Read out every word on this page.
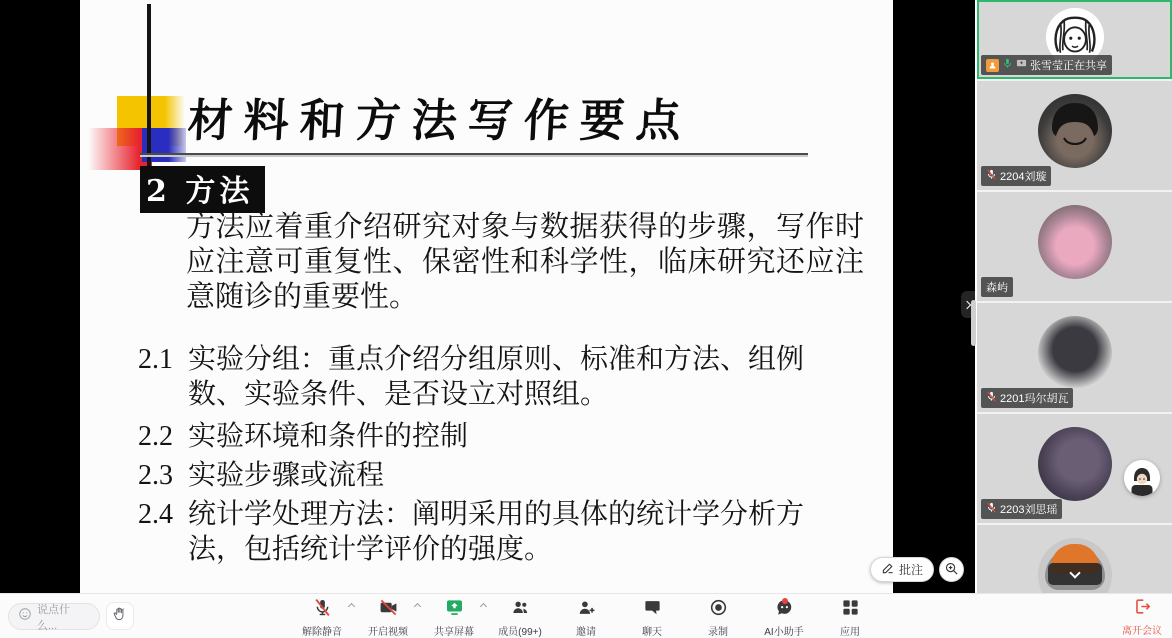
材料和方法写作要点
2 方法

方法应着重介绍研究对象与数据获得的步骤，写作时应注意可重复性、保密性和科学性，临床研究还应注意随诊的重要性。

2.1 实验分组：重点介绍分组原则、标准和方法、组例数、实验条件、是否设立对照组。
2.2 实验环境和条件的控制
2.3 实验步骤或流程
2.4 统计学处理方法：阐明采用的具体的统计学分析方法，包括统计学评价的强度。
批注
张雪莹正在共享
2204刘璇
森屿
2201玛尔胡瓦
2203刘思瑶
说点什么...
解除静音	开启视频	共享屏幕 成员(99+)	邀请	聊天	录制	AI小助手	应用	离开会议
